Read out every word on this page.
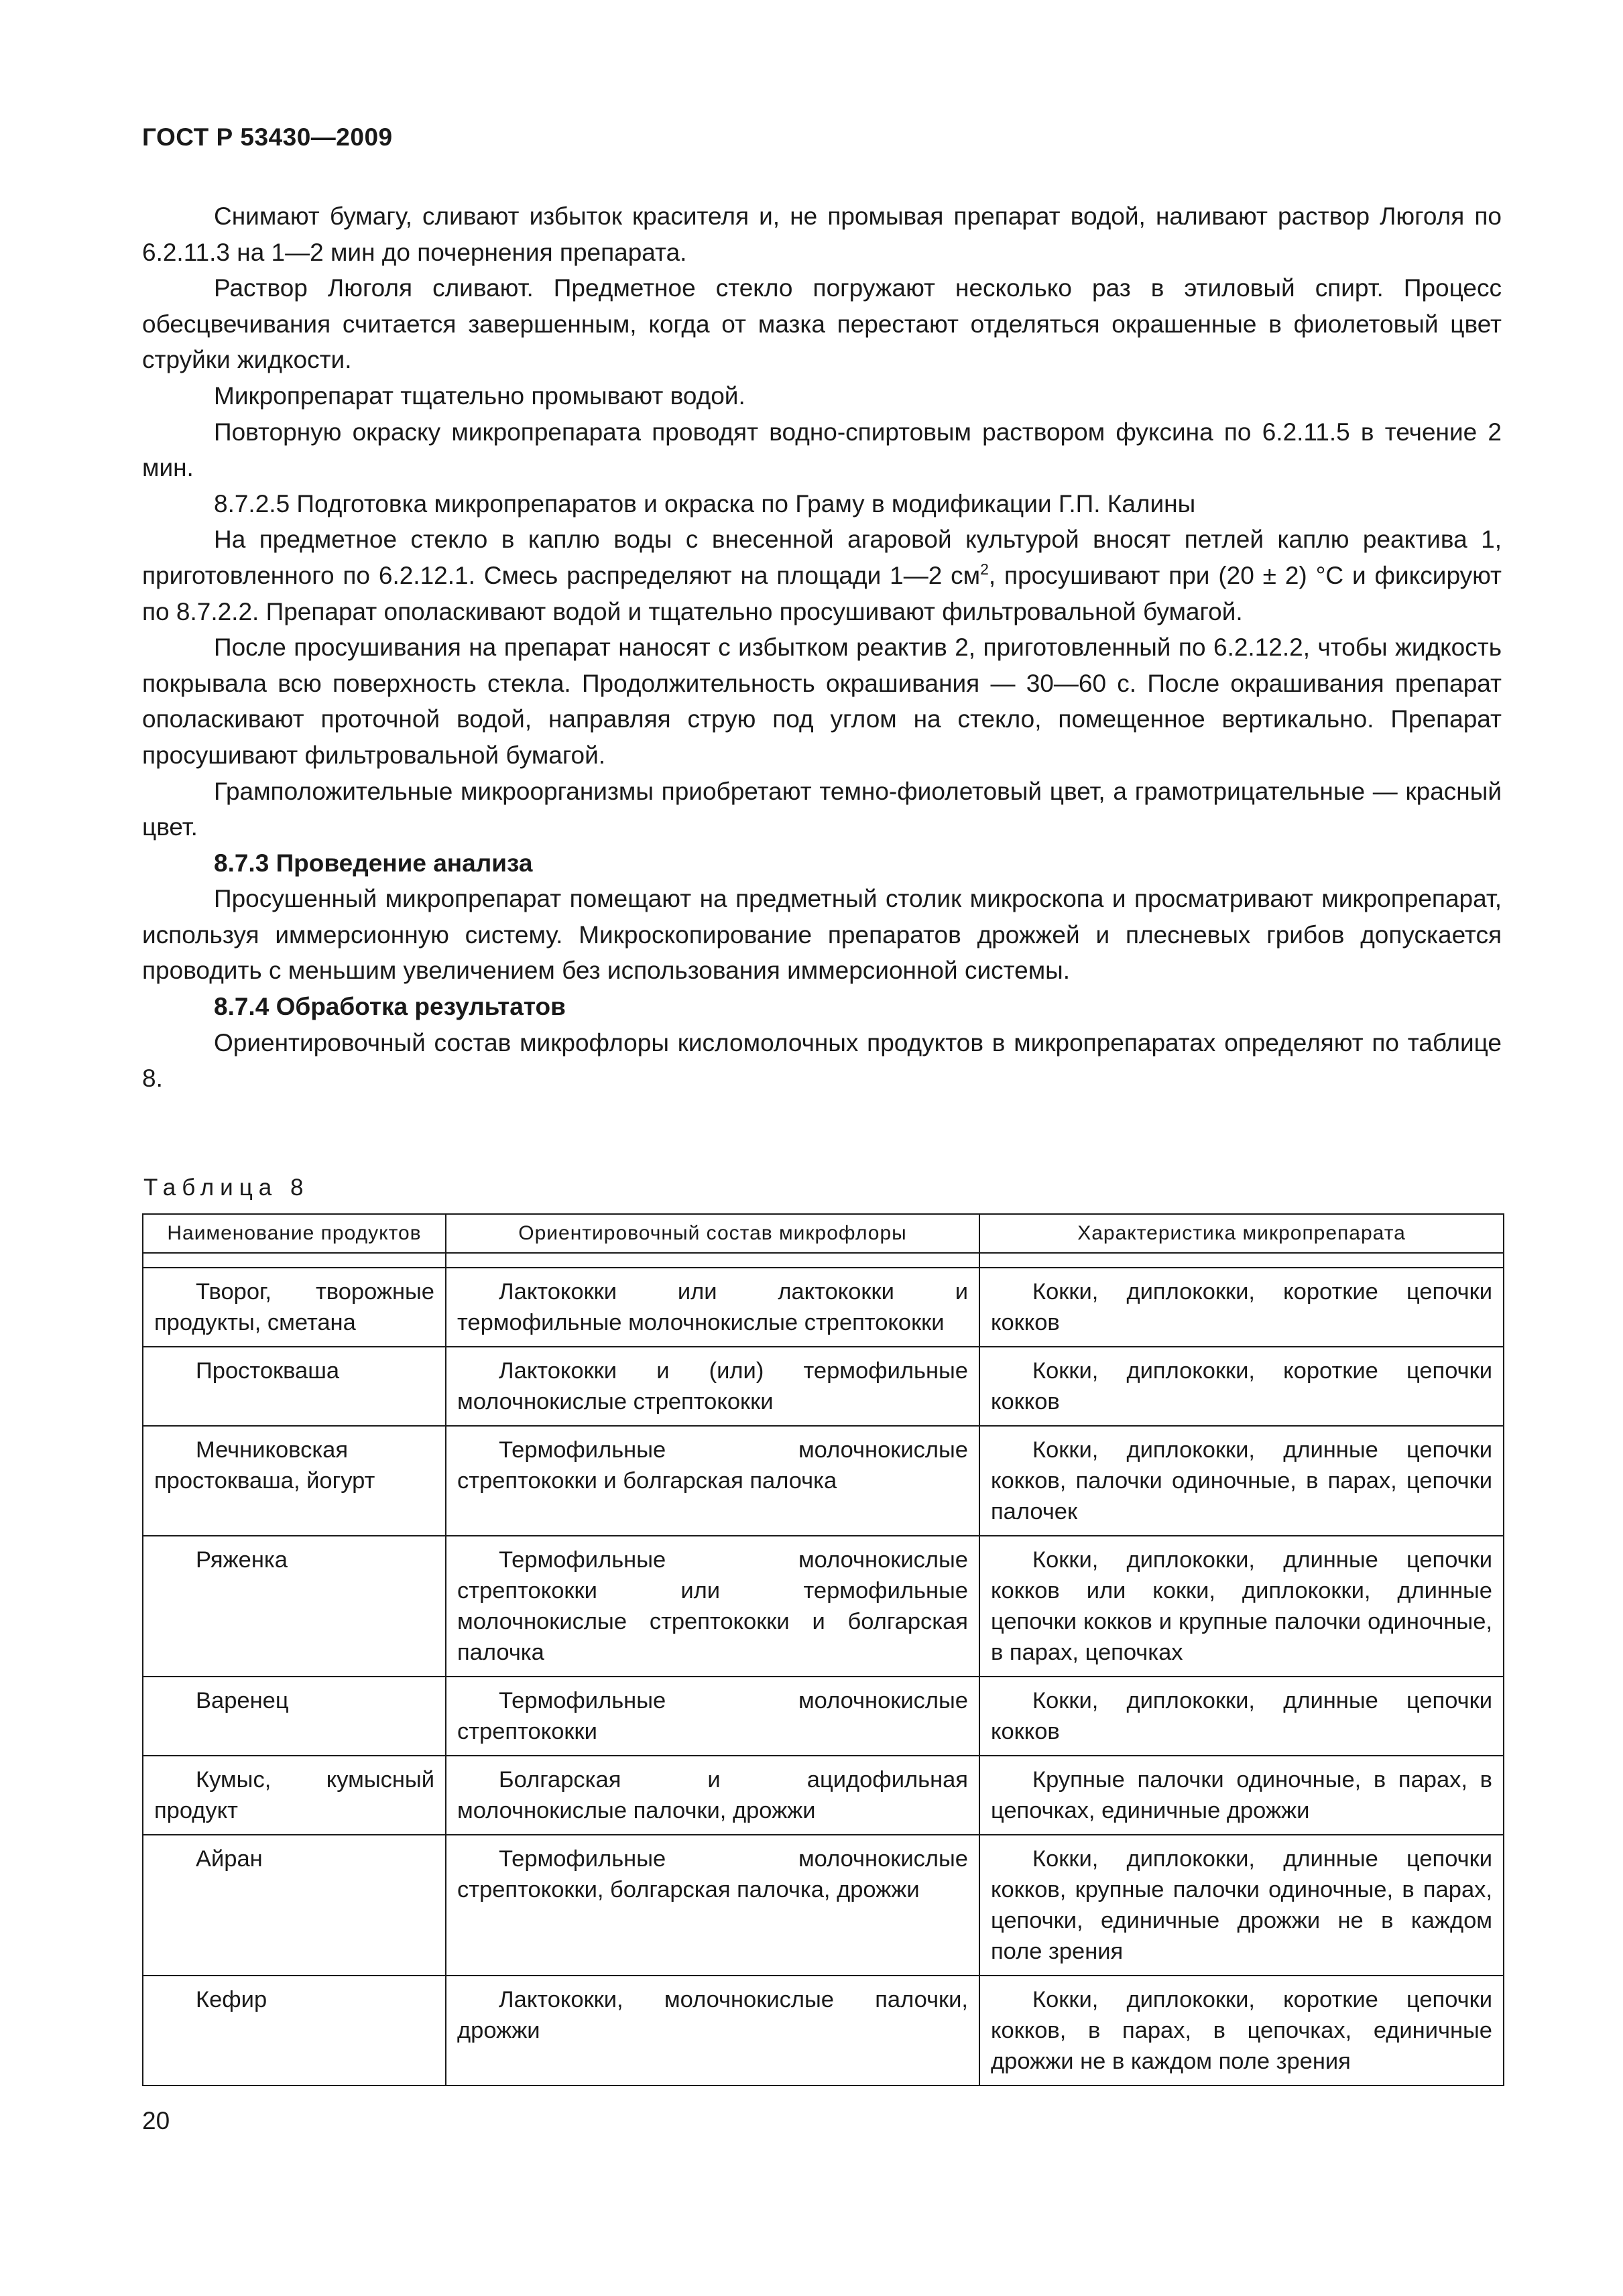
ГОСТ Р 53430—2009

Снимают бумагу, сливают избыток красителя и, не промывая препарат водой, наливают раствор Люголя по 6.2.11.3 на 1—2 мин до почернения препарата.

Раствор Люголя сливают. Предметное стекло погружают несколько раз в этиловый спирт. Процесс обесцвечивания считается завершенным, когда от мазка перестают отделяться окрашенные в фиолетовый цвет струйки жидкости.

Микропрепарат тщательно промывают водой.

Повторную окраску микропрепарата проводят водно-спиртовым раствором фуксина по 6.2.11.5 в течение 2 мин.

8.7.2.5 Подготовка микропрепаратов и окраска по Граму в модификации Г.П. Калины

На предметное стекло в каплю воды с внесенной агаровой культурой вносят петлей каплю реактива 1, приготовленного по 6.2.12.1. Смесь распределяют на площади 1—2 $см^2$, просушивают при (20 ± 2) °С и фиксируют по 8.7.2.2. Препарат ополаскивают водой и тщательно просушивают фильтровальной бумагой.

После просушивания на препарат наносят с избытком реактив 2, приготовленный по 6.2.12.2, чтобы жидкость покрывала всю поверхность стекла. Продолжительность окрашивания — 30—60 с. После окрашивания препарат ополаскивают проточной водой, направляя струю под углом на стекло, помещенное вертикально. Препарат просушивают фильтровальной бумагой.

Грамположительные микроорганизмы приобретают темно-фиолетовый цвет, а грамотрицательные — красный цвет.

8.7.3 Проведение анализа

Просушенный микропрепарат помещают на предметный столик микроскопа и просматривают микропрепарат, используя иммерсионную систему. Микроскопирование препаратов дрожжей и плесневых грибов допускается проводить с меньшим увеличением без использования иммерсионной системы.

8.7.4 Обработка результатов

Ориентировочный состав микрофлоры кисломолочных продуктов в микропрепаратах определяют по таблице 8.

Таблица 8
Наименование продуктов	Ориентировочный состав микрофлоры	Характеристика микропрепарата

Творог, творожные продукты, сметана	Лактококки или лактококки и термофильные молочнокислые стрептококки	Кокки, диплококки, короткие цепочки кокков
Простокваша	Лактококки и (или) термофильные молочнокислые стрептококки	Кокки, диплококки, короткие цепочки кокков
Мечниковская простокваша, йогурт	Термофильные молочнокислые стрептококки и болгарская палочка	Кокки, диплококки, длинные цепочки кокков, палочки одиночные, в парах, цепочки палочек
Ряженка	Термофильные молочнокислые стрептококки или термофильные молочнокислые стрептококки и болгарская палочка	Кокки, диплококки, длинные цепочки кокков или кокки, диплококки, длинные цепочки кокков и крупные палочки одиночные, в парах, цепочках
Варенец	Термофильные молочнокислые стрептококки	Кокки, диплококки, длинные цепочки кокков
Кумыс, кумысный продукт	Болгарская и ацидофильная молочнокислые палочки, дрожжи	Крупные палочки одиночные, в парах, в цепочках, единичные дрожжи
Айран	Термофильные молочнокислые стрептококки, болгарская палочка, дрожжи	Кокки, диплококки, длинные цепочки кокков, крупные палочки одиночные, в парах, цепочки, единичные дрожжи не в каждом поле зрения
Кефир	Лактококки, молочнокислые палочки, дрожжи	Кокки, диплококки, короткие цепочки кокков, в парах, в цепочках, единичные дрожжи не в каждом поле зрения
20
